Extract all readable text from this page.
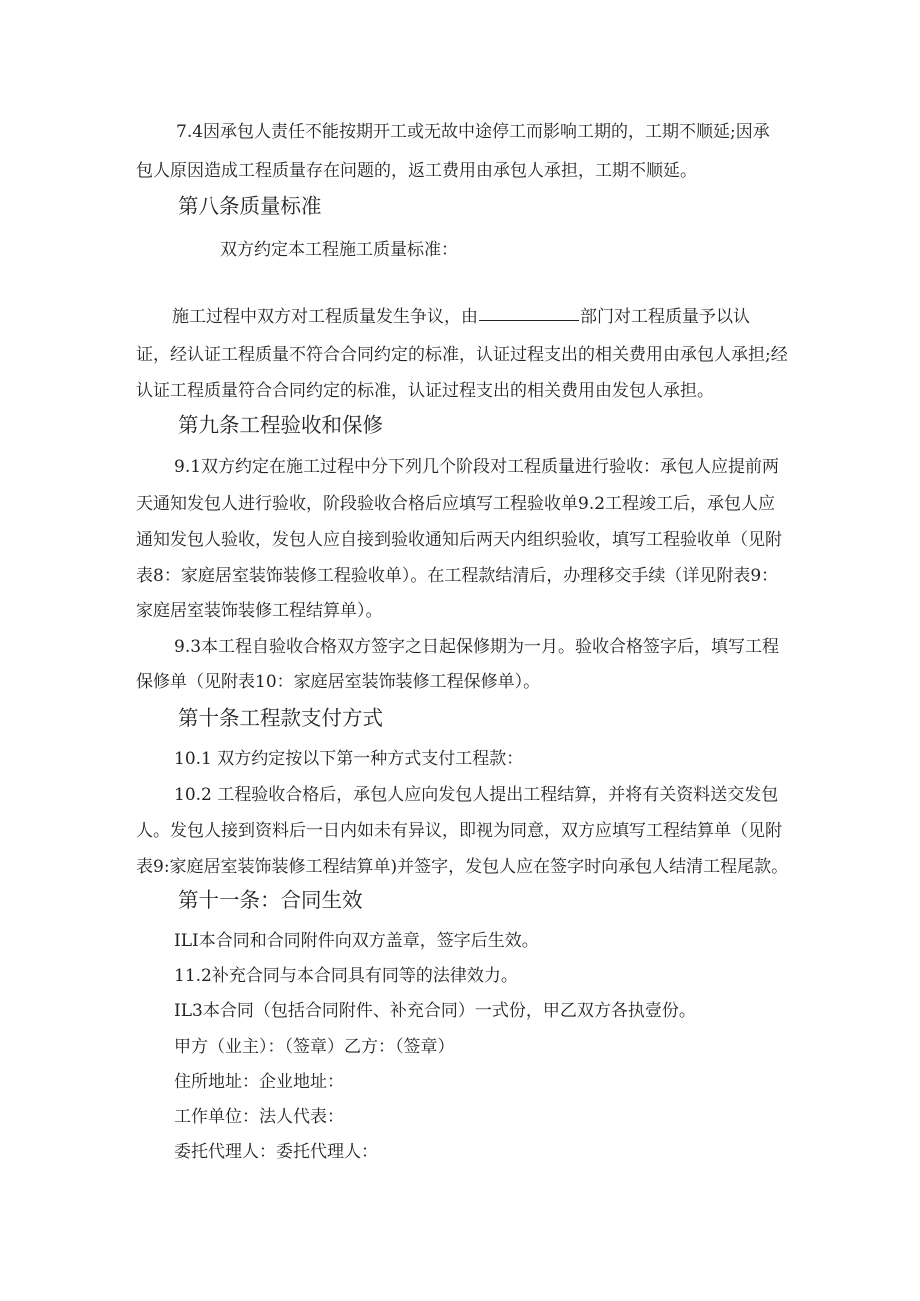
7.4因承包人责任不能按期开工或无故中途停工而影响工期的，工期不顺延;因承
包人原因造成工程质量存在问题的，返工费用由承包人承担，工期不顺延。
第八条质量标准
双方约定本工程施工质量标准：
施工过程中双方对工程质量发生争议，由	部门对工程质量予以认
证，经认证工程质量不符合合同约定的标准，认证过程支出的相关费用由承包人承担;经
认证工程质量符合合同约定的标准，认证过程支出的相关费用由发包人承担。
第九条工程验收和保修
9.1双方约定在施工过程中分下列几个阶段对工程质量进行验收：承包人应提前两
天通知发包人进行验收，阶段验收合格后应填写工程验收单9.2工程竣工后，承包人应
通知发包人验收，发包人应自接到验收通知后两天内组织验收，填写工程验收单（见附
表8：家庭居室装饰装修工程验收单）。在工程款结清后，办理移交手续（详见附表9：
家庭居室装饰装修工程结算单）。
9.3本工程自验收合格双方签字之日起保修期为一月。验收合格签字后，填写工程
保修单（见附表10：家庭居室装饰装修工程保修单）。
第十条工程款支付方式
10.1 双方约定按以下第一种方式支付工程款：
10.2 工程验收合格后，承包人应向发包人提出工程结算，并将有关资料送交发包
人。发包人接到资料后一日内如未有异议，即视为同意，双方应填写工程结算单（见附
表9:家庭居室装饰装修工程结算单)并签字，发包人应在签字时向承包人结清工程尾款。
第十一条：合同生效
ILI本合同和合同附件向双方盖章，签字后生效。
11.2补充合同与本合同具有同等的法律效力。
IL3本合同（包括合同附件、补充合同）一式份，甲乙双方各执壹份。
甲方（业主）：（签章）乙方：（签章）
住所地址：企业地址：
工作单位：法人代表：
委托代理人：委托代理人：
